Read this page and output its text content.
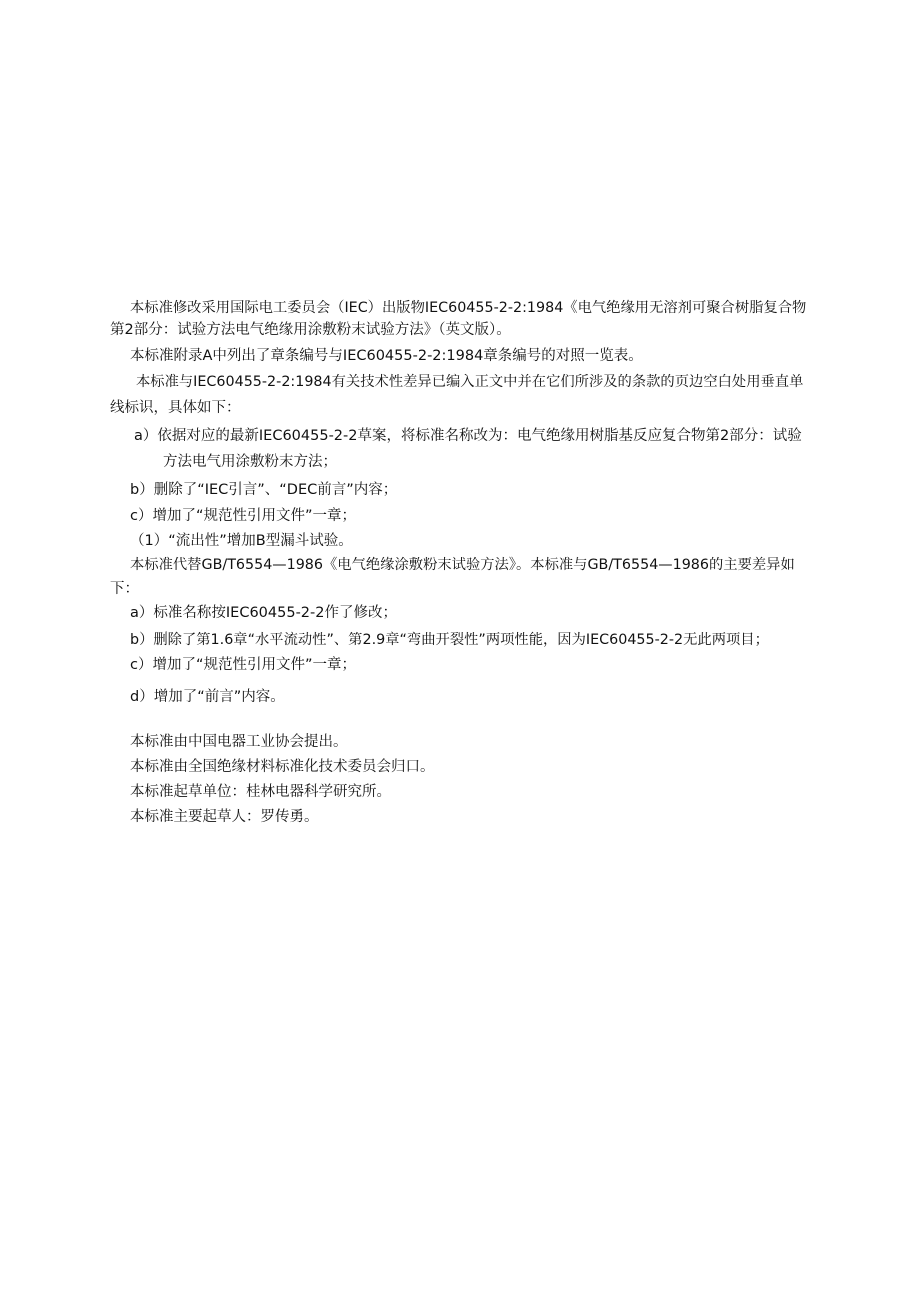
本标准修改采用国际电工委员会（IEC）出版物IEC60455-2-2:1984《电气绝缘用无溶剂可聚合树脂复合物
第2部分：试验方法电气绝缘用涂敷粉末试验方法》（英文版）。
本标准附录A中列出了章条编号与IEC60455-2-2:1984章条编号的对照一览表。
本标准与IEC60455-2-2:1984有关技术性差异已编入正文中并在它们所涉及的条款的页边空白处用垂直单
线标识，具体如下：
a）依据对应的最新IEC60455-2-2草案，将标准名称改为：电气绝缘用树脂基反应复合物第2部分：试验
方法电气用涂敷粉末方法；
b）删除了“IEC引言”、“DEC前言”内容；
c）增加了“规范性引用文件”一章；
（1）“流出性”增加B型漏斗试验。
本标准代替GB/T6554—1986《电气绝缘涂敷粉末试验方法》。本标准与GB/T6554—1986的主要差异如
下：
a）标准名称按IEC60455-2-2作了修改；
b）删除了第1.6章“水平流动性”、第2.9章“弯曲开裂性”两项性能，因为IEC60455-2-2无此两项目；
c）增加了“规范性引用文件”一章；
d）增加了“前言”内容。
本标准由中国电器工业协会提出。
本标准由全国绝缘材料标准化技术委员会归口。
本标准起草单位：桂林电器科学研究所。
本标准主要起草人：罗传勇。
